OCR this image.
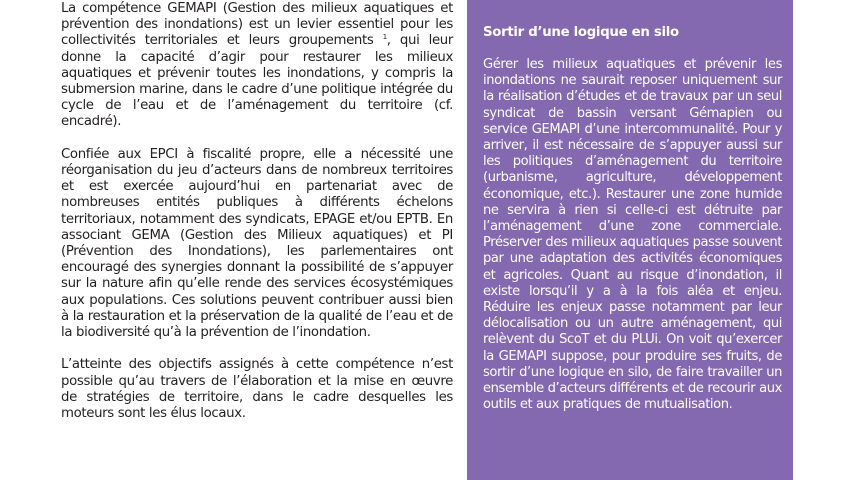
La compétence GEMAPI (Gestion des milieux aquatiques et prévention des inondations) est un levier essentiel pour les collectivités territoriales et leurs groupements $^1$, qui leur donne la capacité d’agir pour restaurer les milieux aquatiques et prévenir toutes les inondations, y compris la submersion marine, dans le cadre d’une politique intégrée du cycle de l’eau et de l’aménagement du territoire (cf. encadré).

Confiée aux EPCI à fiscalité propre, elle a nécessité une réorganisation du jeu d’acteurs dans de nombreux territoires et est exercée aujourd’hui en partenariat avec de nombreuses entités publiques à différents échelons territoriaux, notamment des syndicats, EPAGE et/ou EPTB. En associant GEMA (Gestion des Milieux aquatiques) et PI (Prévention des Inondations), les parlementaires ont encouragé des synergies donnant la possibilité de s’appuyer sur la nature afin qu’elle rende des services écosystémiques aux populations. Ces solutions peuvent contribuer aussi bien à la restauration et la préservation de la qualité de l’eau et de la biodiversité qu’à la prévention de l’inondation.

L’atteinte des objectifs assignés à cette compétence n’est possible qu’au travers de l’élaboration et la mise en œuvre de stratégies de territoire, dans le cadre desquelles les moteurs sont les élus locaux.

Sortir d’une logique en silo

Gérer les milieux aquatiques et prévenir les inondations ne saurait reposer uniquement sur la réalisation d’études et de travaux par un seul syndicat de bassin versant Gémapien ou service GEMAPI d’une intercommunalité. Pour y arriver, il est nécessaire de s’appuyer aussi sur les politiques d’aménagement du territoire (urbanisme, agriculture, développement économique, etc.). Restaurer une zone humide ne servira à rien si celle-ci est détruite par l’aménagement d’une zone commerciale. Préserver des milieux aquatiques passe souvent par une adaptation des activités économiques et agricoles. Quant au risque d’inondation, il existe lorsqu’il y a à la fois aléa et enjeu. Réduire les enjeux passe notamment par leur délocalisation ou un autre aménagement, qui relèvent du ScoT et du PLUi. On voit qu’exercer la GEMAPI suppose, pour produire ses fruits, de sortir d’une logique en silo, de faire travailler un ensemble d’acteurs différents et de recourir aux outils et aux pratiques de mutualisation.
